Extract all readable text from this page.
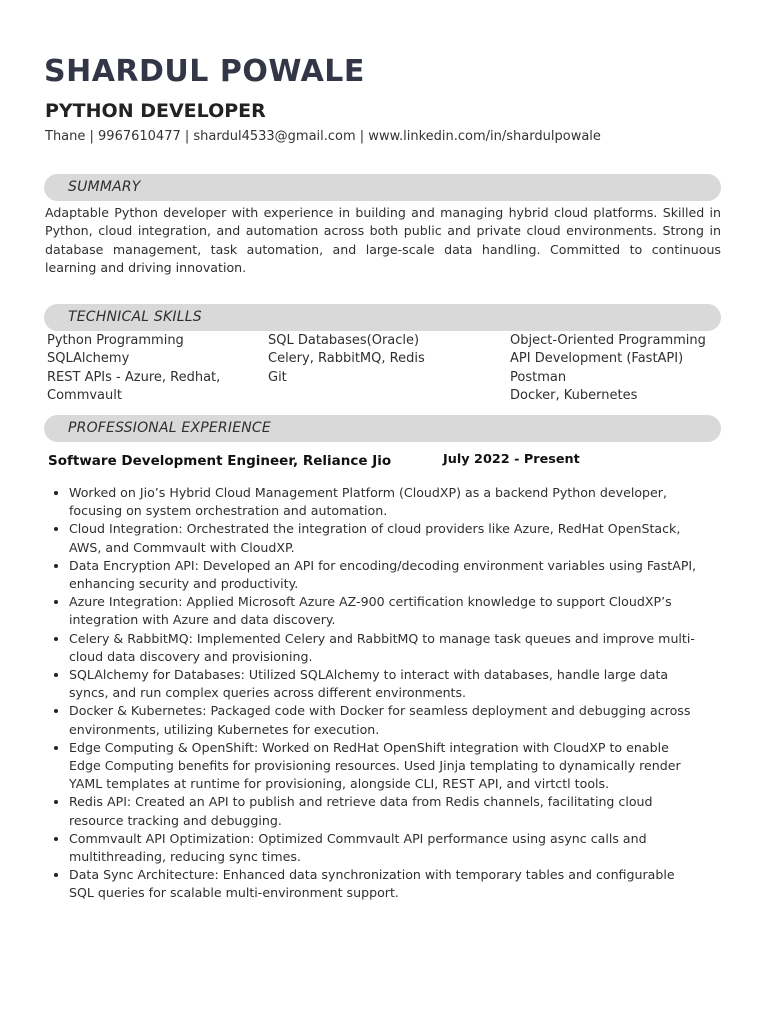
SHARDUL POWALE
PYTHON DEVELOPER

Thane | 9967610477 | shardul4533@gmail.com | www.linkedin.com/in/shardulpowale

SUMMARY

Adaptable Python developer with experience in building and managing hybrid cloud platforms. Skilled in Python, cloud integration, and automation across both public and private cloud environments. Strong in database management, task automation, and large-scale data handling. Committed to continuous learning and driving innovation.

TECHNICAL SKILLS
Python Programming
SQLAlchemy
REST APIs - Azure, Redhat,
Commvault
SQL Databases(Oracle)
Celery, RabbitMQ, Redis
Git
Object-Oriented Programming
API Development (FastAPI)
Postman
Docker, Kubernetes
PROFESSIONAL EXPERIENCE

Software Development Engineer, Reliance Jio	July 2022 - Present

Worked on Jio’s Hybrid Cloud Management Platform (CloudXP) as a backend Python developer, focusing on system orchestration and automation.
Cloud Integration: Orchestrated the integration of cloud providers like Azure, RedHat OpenStack, AWS, and Commvault with CloudXP.
Data Encryption API: Developed an API for encoding/decoding environment variables using FastAPI, enhancing security and productivity.
Azure Integration: Applied Microsoft Azure AZ-900 certification knowledge to support CloudXP’s integration with Azure and data discovery.
Celery & RabbitMQ: Implemented Celery and RabbitMQ to manage task queues and improve multi-cloud data discovery and provisioning.
SQLAlchemy for Databases: Utilized SQLAlchemy to interact with databases, handle large data syncs, and run complex queries across different environments.
Docker & Kubernetes: Packaged code with Docker for seamless deployment and debugging across environments, utilizing Kubernetes for execution.
Edge Computing & OpenShift: Worked on RedHat OpenShift integration with CloudXP to enable Edge Computing benefits for provisioning resources. Used Jinja templating to dynamically render YAML templates at runtime for provisioning, alongside CLI, REST API, and virtctl tools.
Redis API: Created an API to publish and retrieve data from Redis channels, facilitating cloud resource tracking and debugging.
Commvault API Optimization: Optimized Commvault API performance using async calls and multithreading, reducing sync times.
Data Sync Architecture: Enhanced data synchronization with temporary tables and configurable SQL queries for scalable multi-environment support.
